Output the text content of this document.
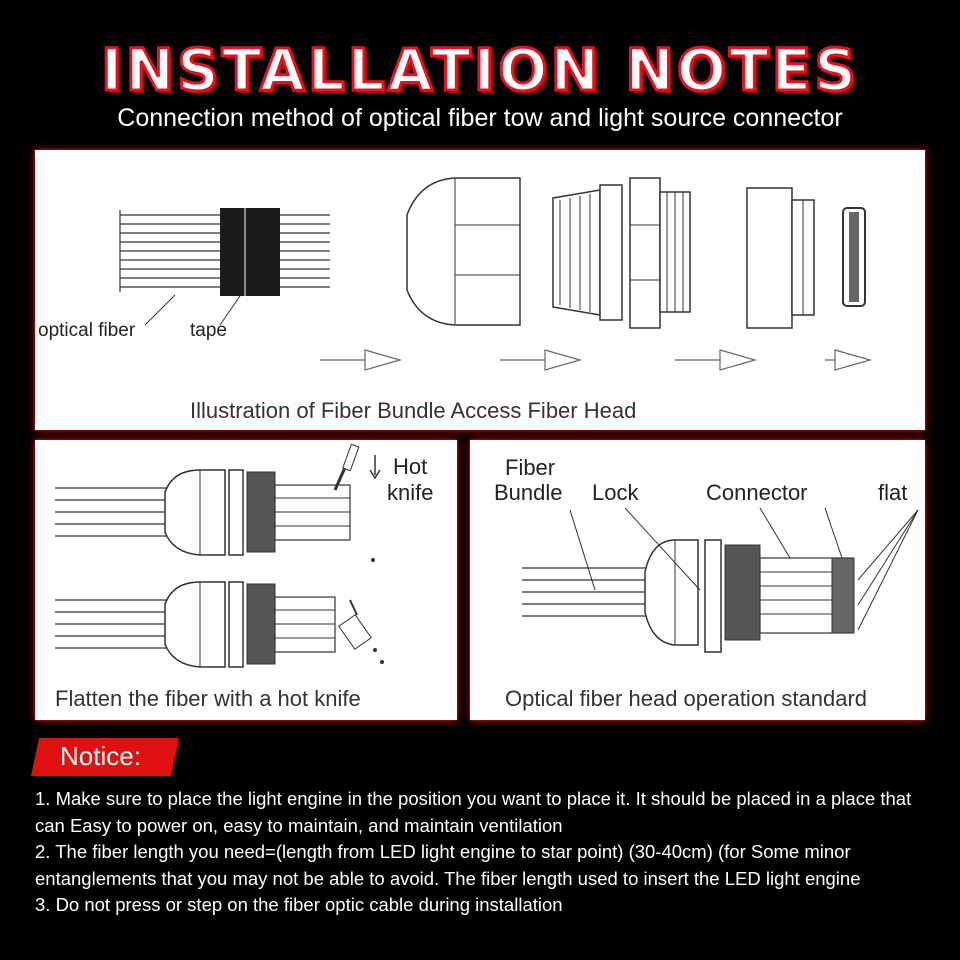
INSTALLATION NOTES
Connection method of optical fiber tow and light source connector
optical fiber	tape
Illustration of Fiber Bundle Access Fiber Head
Hot
knife
Flatten the fiber with a hot knife
Fiber
Bundle Lock	Connector	flat
Optical fiber head operation standard
Notice:

1. Make sure to place the light engine in the position you want to place it. It should be placed in a place that can Easy to power on, easy to maintain, and maintain ventilation

2. The fiber length you need=(length from LED light engine to star point) (30-40cm) (for Some minor entanglements that you may not be able to avoid. The fiber length used to insert the LED light engine

3. Do not press or step on the fiber optic cable during installation
